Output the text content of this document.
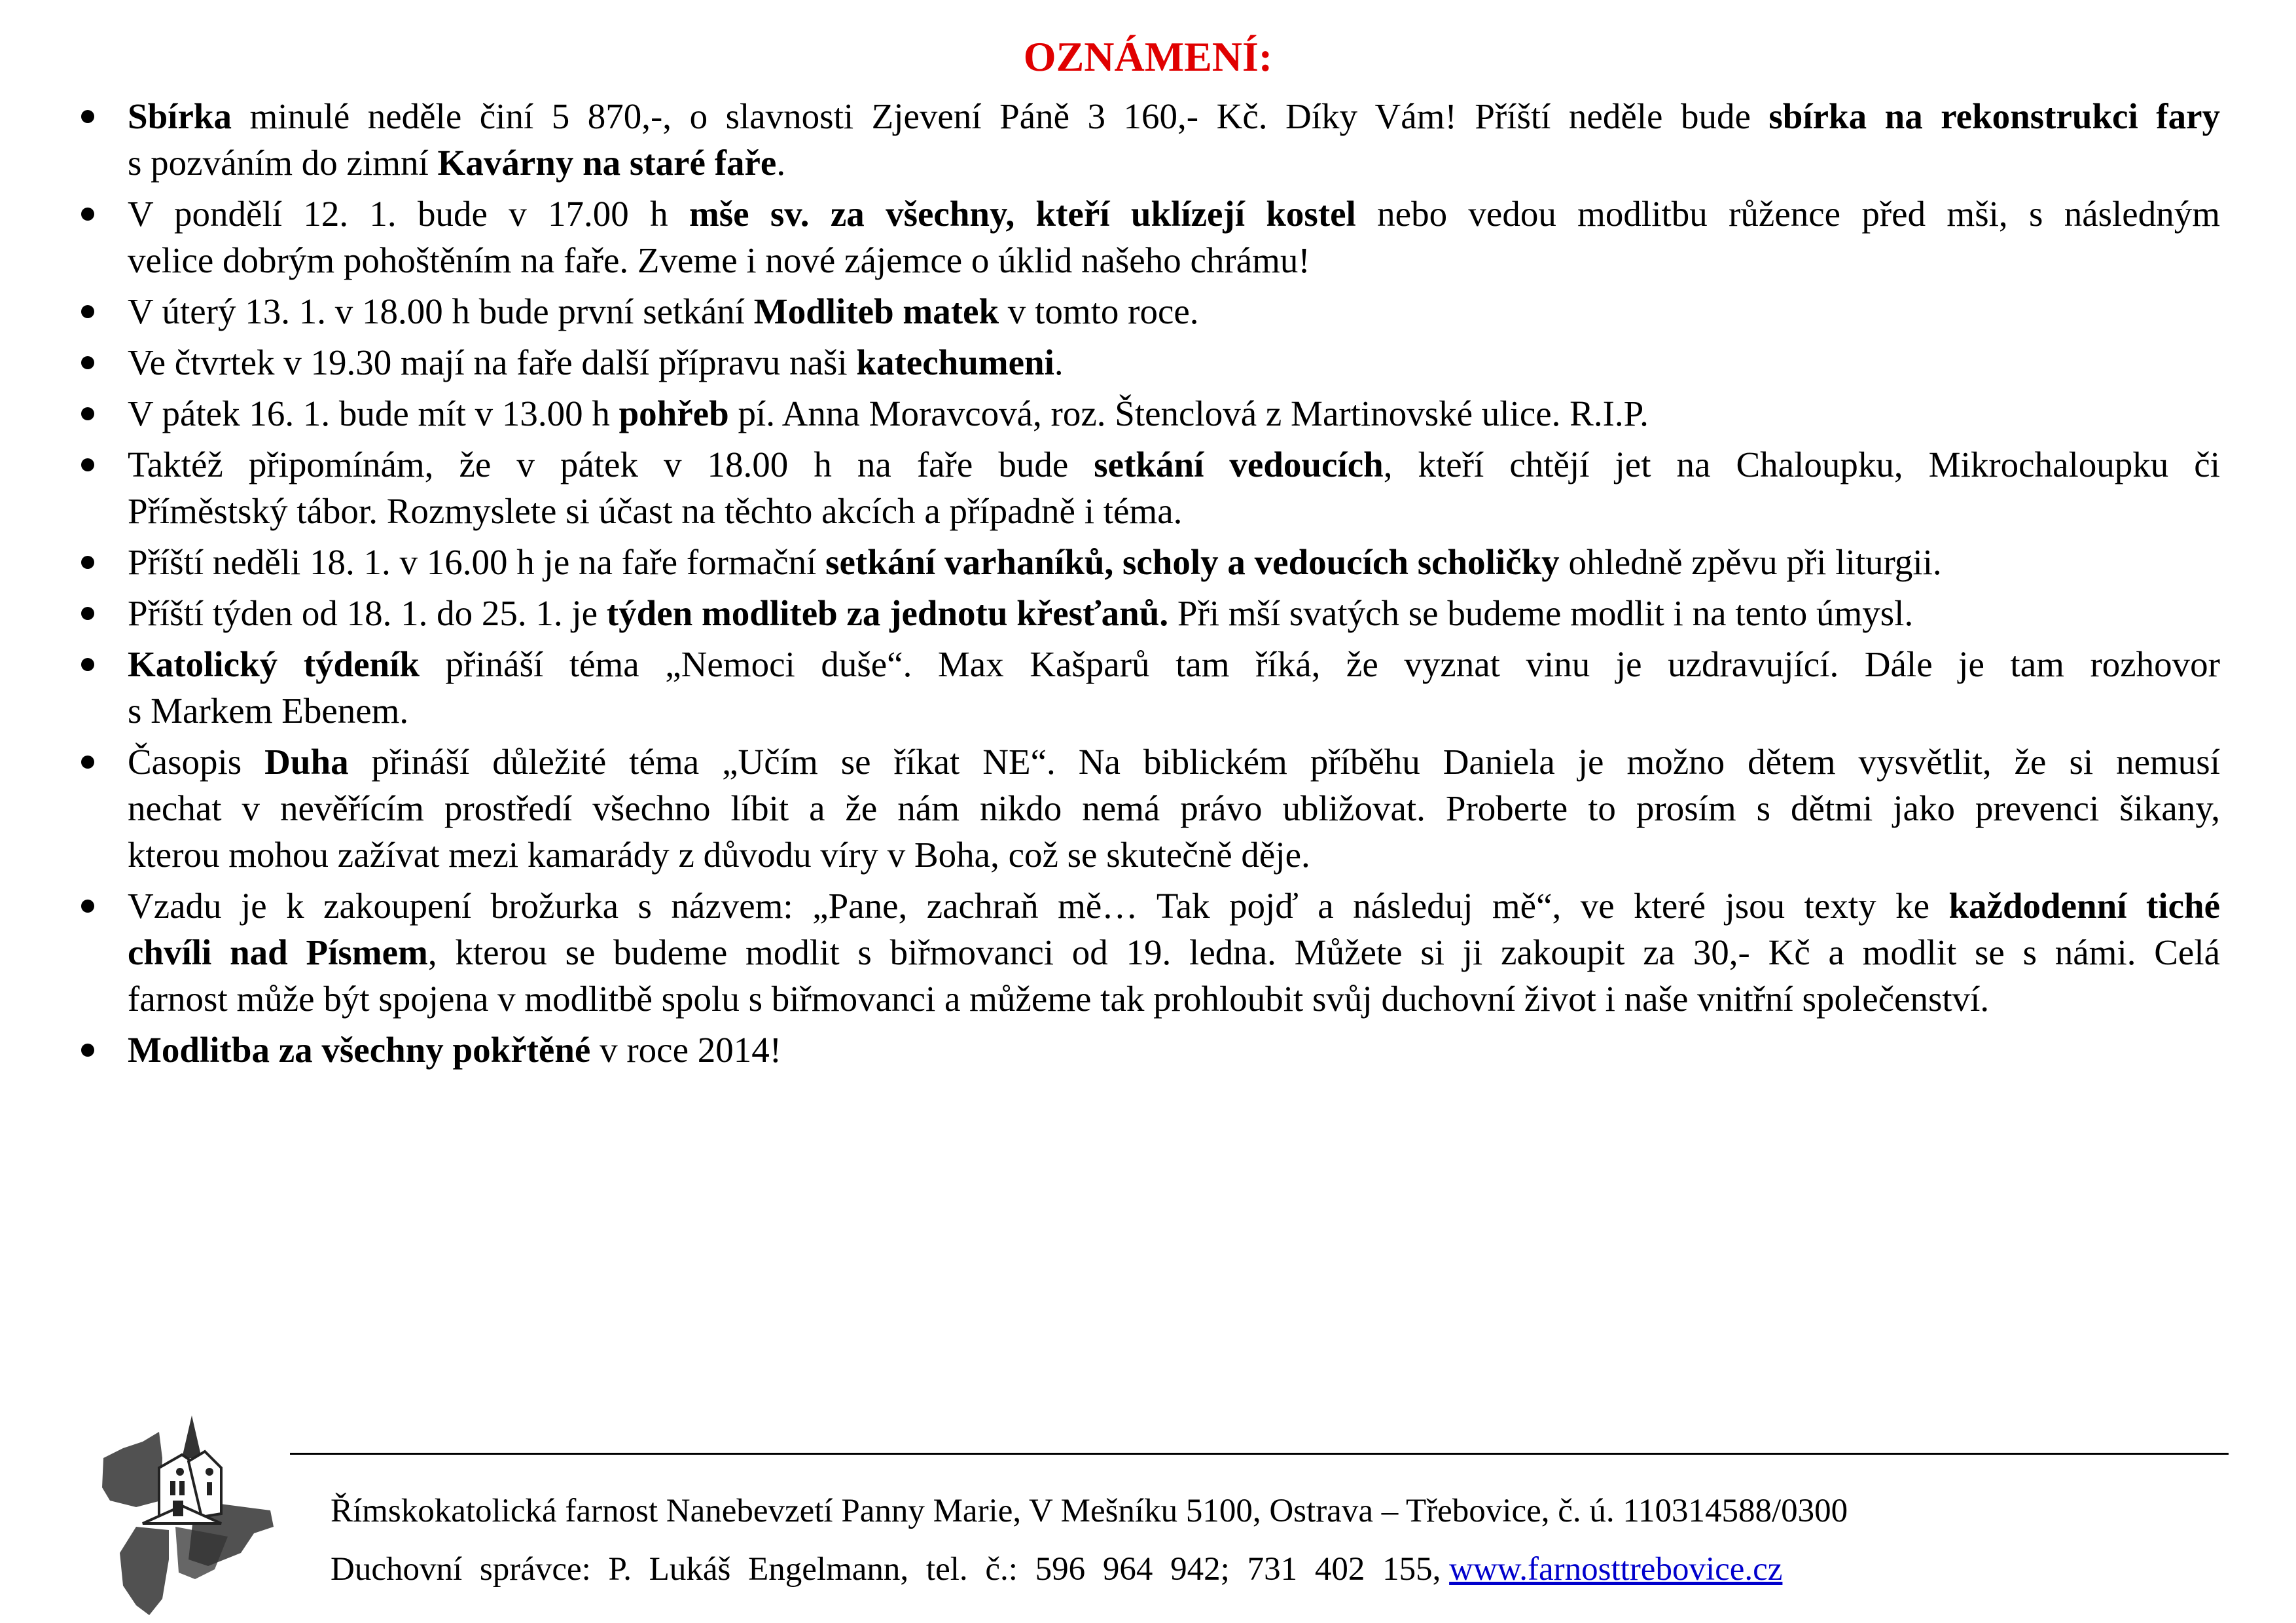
OZNÁMENÍ:
Sbírka minulé neděle činí 5 870,-, o slavnosti Zjevení Páně 3 160,- Kč. Díky Vám! Příští neděle bude sbírka na rekonstrukci fary
s pozváním do zimní Kavárny na staré faře.
V pondělí 12. 1. bude v 17.00 h mše sv. za všechny, kteří uklízejí kostel nebo vedou modlitbu růžence před mši, s následným
velice dobrým pohoštěním na faře. Zveme i nové zájemce o úklid našeho chrámu!
V úterý 13. 1. v 18.00 h bude první setkání Modliteb matek v tomto roce.
Ve čtvrtek v 19.30 mají na faře další přípravu naši katechumeni.
V pátek 16. 1. bude mít v 13.00 h pohřeb pí. Anna Moravcová, roz. Štenclová z Martinovské ulice. R.I.P.
Taktéž připomínám, že v pátek v 18.00 h na faře bude setkání vedoucích, kteří chtějí jet na Chaloupku, Mikrochaloupku či
Příměstský tábor. Rozmyslete si účast na těchto akcích a případně i téma.
Příští neděli 18. 1. v 16.00 h je na faře formační setkání varhaníků, scholy a vedoucích scholičky ohledně zpěvu při liturgii.
Příští týden od 18. 1. do 25. 1. je týden modliteb za jednotu křesťanů. Při mší svatých se budeme modlit i na tento úmysl.
Katolický týdeník přináší téma „Nemoci duše“. Max Kašparů tam říká, že vyznat vinu je uzdravující. Dále je tam rozhovor
s Markem Ebenem.
Časopis Duha přináší důležité téma „Učím se říkat NE“. Na biblickém příběhu Daniela je možno dětem vysvětlit, že si nemusí
nechat v nevěřícím prostředí všechno líbit a že nám nikdo nemá právo ubližovat. Proberte to prosím s dětmi jako prevenci šikany,
kterou mohou zažívat mezi kamarády z důvodu víry v Boha, což se skutečně děje.
Vzadu je k zakoupení brožurka s názvem: „Pane, zachraň mě… Tak pojď a následuj mě“, ve které jsou texty ke každodenní tiché
chvíli nad Písmem, kterou se budeme modlit s biřmovanci od 19. ledna. Můžete si ji zakoupit za 30,- Kč a modlit se s námi. Celá
farnost může být spojena v modlitbě spolu s biřmovanci a můžeme tak prohloubit svůj duchovní život i naše vnitřní společenství.
Modlitba za všechny pokřtěné v roce 2014!
Římskokatolická farnost Nanebevzetí Panny Marie, V Mešníku 5100, Ostrava – Třebovice, č. ú. 110314588/0300
Duchovní správce: P. Lukáš Engelmann, tel. č.: 596 964 942; 731 402 155, www.farnosttrebovice.cz
